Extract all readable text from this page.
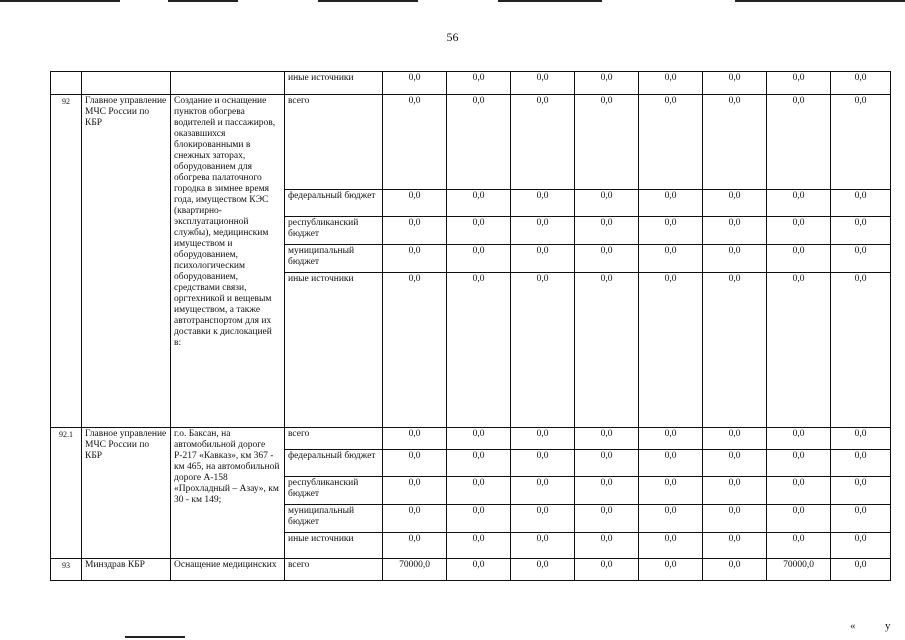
56
			иные источники	0,0	0,0	0,0	0,0	0,0	0,0	0,0	0,0
92	Главное управление МЧС России по КБР	Создание и оснащение пунктов обогрева водителей и пассажиров, оказавшихся блокированными в снежных заторах, оборудованием для обогрева палаточного городка в зимнее время года, имуществом КЭС (квартирно-эксплуатационной службы), медицинским имуществом и оборудованием, психологическим оборудованием, средствами связи, оргтехникой и вещевым имуществом, а также автотранспортом для их доставки к дислокацией в:	всего	0,0	0,0	0,0	0,0	0,0	0,0	0,0	0,0
			федеральный бюджет	0,0	0,0	0,0	0,0	0,0	0,0	0,0	0,0
			республиканский бюджет	0,0	0,0	0,0	0,0	0,0	0,0	0,0	0,0
			муниципальный бюджет	0,0	0,0	0,0	0,0	0,0	0,0	0,0	0,0
			иные источники	0,0	0,0	0,0	0,0	0,0	0,0	0,0	0,0
92.1	Главное управление МЧС России по КБР	г.о. Баксан, на автомобильной дороге Р-217 «Кавказ», км 367 - км 465, на автомобильной дороге А-158 «Прохладный – Азау», км 30 - км 149;	всего	0,0	0,0	0,0	0,0	0,0	0,0	0,0	0,0
			федеральный бюджет	0,0	0,0	0,0	0,0	0,0	0,0	0,0	0,0
			республиканский бюджет	0,0	0,0	0,0	0,0	0,0	0,0	0,0	0,0
			муниципальный бюджет	0,0	0,0	0,0	0,0	0,0	0,0	0,0	0,0
			иные источники	0,0	0,0	0,0	0,0	0,0	0,0	0,0	0,0
93	Минздрав КБР	Оснащение медицинских	всего	70000,0	0,0	0,0	0,0	0,0	0,0	70000,0	0,0
«	у
